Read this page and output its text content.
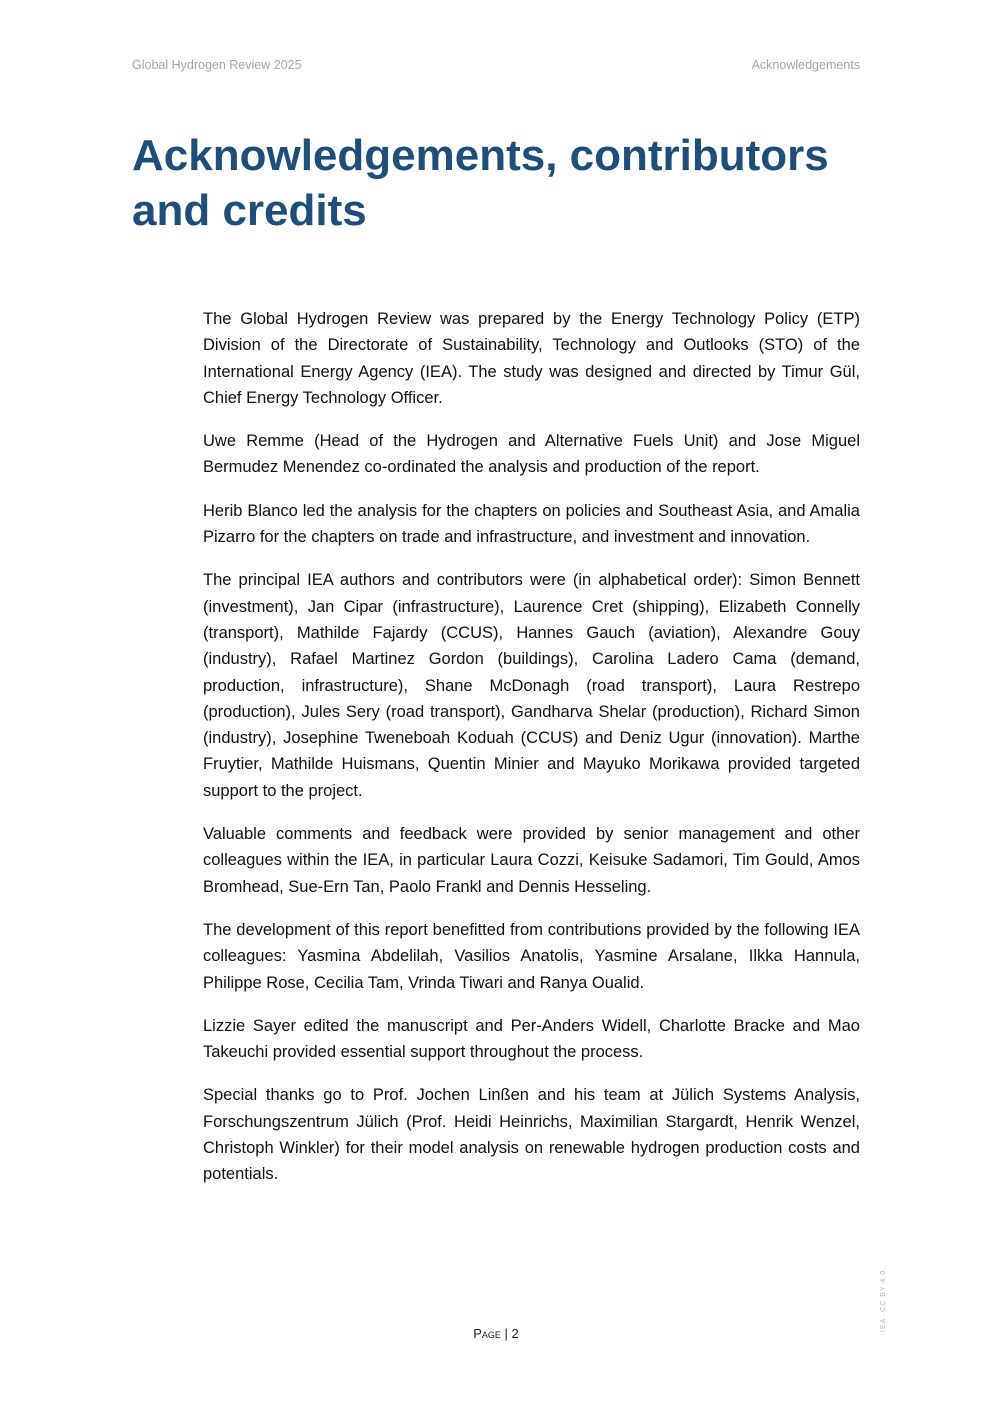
Global Hydrogen Review 2025	Acknowledgements
Acknowledgements, contributors and credits

The Global Hydrogen Review was prepared by the Energy Technology Policy (ETP) Division of the Directorate of Sustainability, Technology and Outlooks (STO) of the International Energy Agency (IEA). The study was designed and directed by Timur Gül, Chief Energy Technology Officer.

Uwe Remme (Head of the Hydrogen and Alternative Fuels Unit) and Jose Miguel Bermudez Menendez co-ordinated the analysis and production of the report.

Herib Blanco led the analysis for the chapters on policies and Southeast Asia, and Amalia Pizarro for the chapters on trade and infrastructure, and investment and innovation.

The principal IEA authors and contributors were (in alphabetical order): Simon Bennett (investment), Jan Cipar (infrastructure), Laurence Cret (shipping), Elizabeth Connelly (transport), Mathilde Fajardy (CCUS), Hannes Gauch (aviation), Alexandre Gouy (industry), Rafael Martinez Gordon (buildings), Carolina Ladero Cama (demand, production, infrastructure), Shane McDonagh (road transport), Laura Restrepo (production), Jules Sery (road transport), Gandharva Shelar (production), Richard Simon (industry), Josephine Tweneboah Koduah (CCUS) and Deniz Ugur (innovation). Marthe Fruytier, Mathilde Huismans, Quentin Minier and Mayuko Morikawa provided targeted support to the project.

Valuable comments and feedback were provided by senior management and other colleagues within the IEA, in particular Laura Cozzi, Keisuke Sadamori, Tim Gould, Amos Bromhead, Sue-Ern Tan, Paolo Frankl and Dennis Hesseling.

The development of this report benefitted from contributions provided by the following IEA colleagues: Yasmina Abdelilah, Vasilios Anatolis, Yasmine Arsalane, Ilkka Hannula, Philippe Rose, Cecilia Tam, Vrinda Tiwari and Ranya Oualid.

Lizzie Sayer edited the manuscript and Per-Anders Widell, Charlotte Bracke and Mao Takeuchi provided essential support throughout the process.

Special thanks go to Prof. Jochen Linßen and his team at Jülich Systems Analysis, Forschungszentrum Jülich (Prof. Heidi Heinrichs, Maximilian Stargardt, Henrik Wenzel, Christoph Winkler) for their model analysis on renewable hydrogen production costs and potentials.

Page | 2
IEA. CC BY 4.0.
